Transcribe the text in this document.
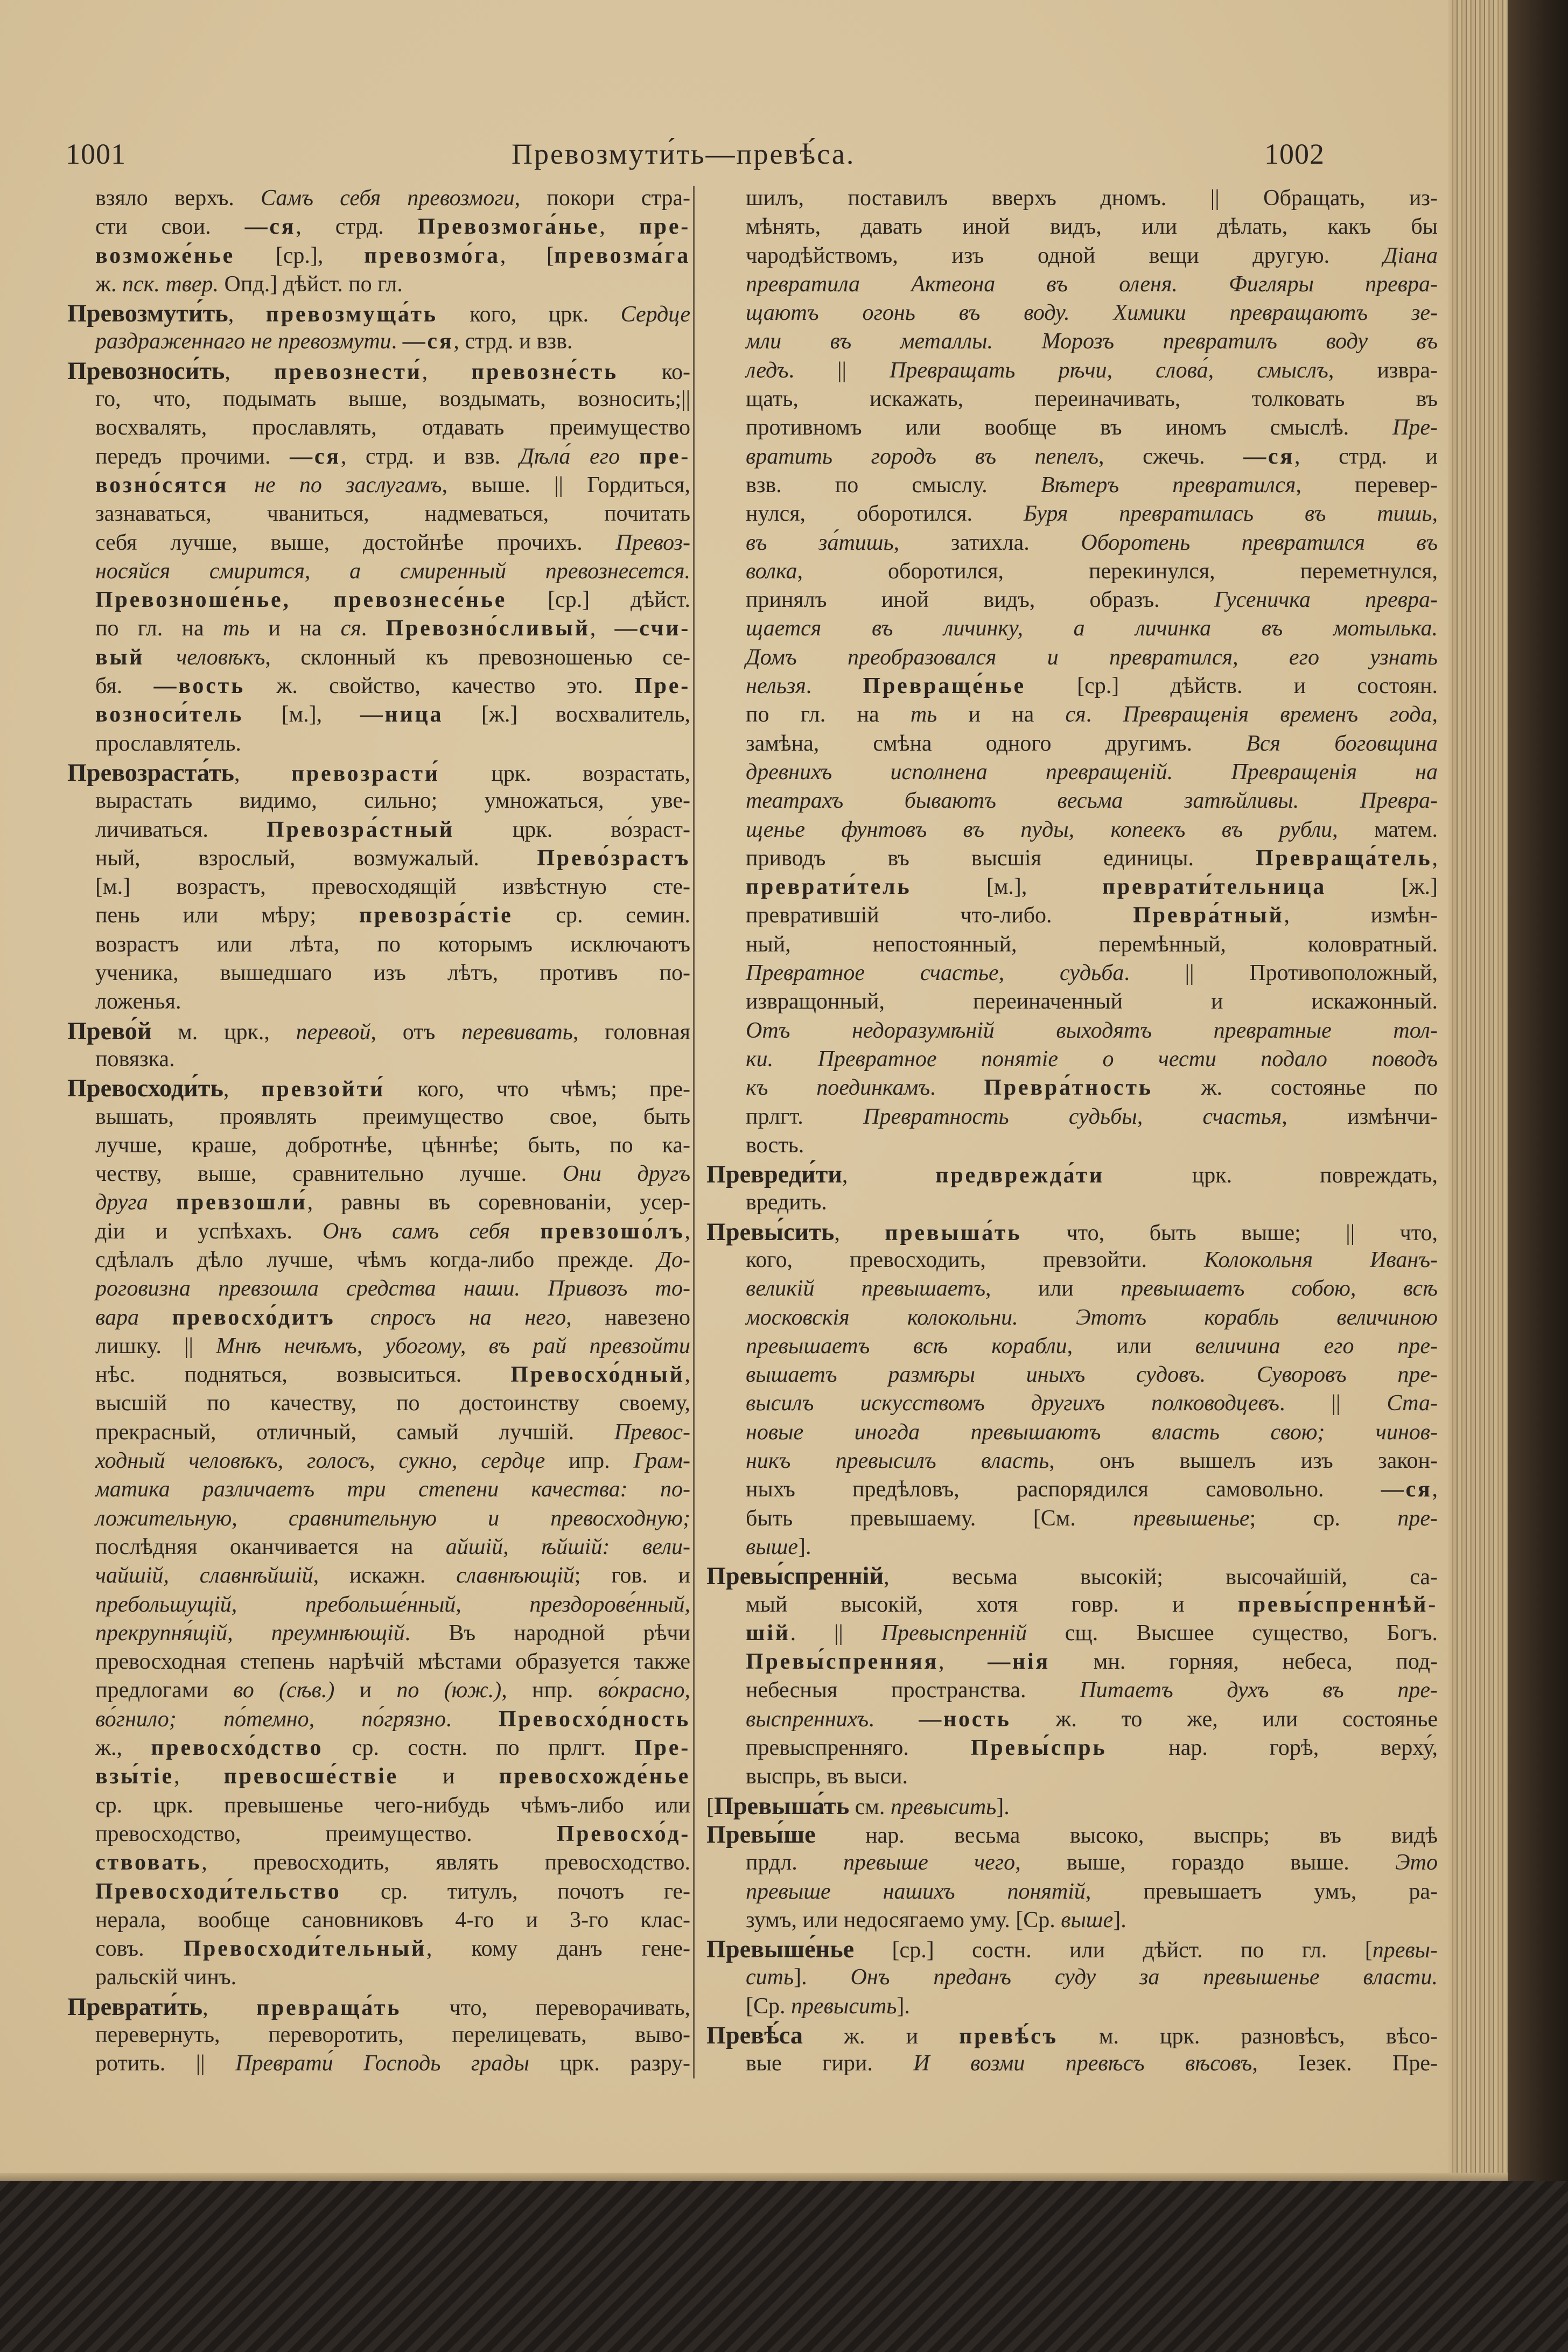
1001	Превозмути́ть—превѣ́са.	1002
взяло верхъ. Самъ себя превозмоги, покори стра-
сти свои. —ся, стрд. Превозмога́нье, пре-
возможе́нье [ср.], превозмо́га, [превозма́га
ж. пск. твер. Опд.] дѣйст. по гл.
Превозмути́ть, превозмуща́ть кого, црк. Сердце
раздраженнаго не превозмути. —ся, стрд. и взв.
Превозноси́ть, превознести́, превозне́сть ко-
го, что, подымать выше, воздымать, возносить;||
восхвалять, прославлять, отдавать преимущество
передъ прочими. —ся, стрд. и взв. Дѣла́ его пре-
возно́сятся не по заслугамъ, выше. || Гордиться,
зазнаваться, чваниться, надмеваться, почитать
себя лучше, выше, достойнѣе прочихъ. Превоз-
носяйся смирится, а смиренный превознесется.
Превозноше́нье, превознесе́нье [ср.] дѣйст.
по гл. на ть и на ся. Превозно́сливый, —счи-
вый человѣкъ, склонный къ превозношенью се-
бя. —вость ж. свойство, качество это. Пре-
возноси́тель [м.], —ница [ж.] восхвалитель,
прославлятель.
Превозраста́ть, превозрасти́ црк. возрастать,
вырастать видимо, сильно; умножаться, уве-
личиваться. Превозра́стный црк. во́зраст-
ный, взрослый, возмужалый. Прево́зрастъ
[м.] возрастъ, превосходящій извѣстную сте-
пень или мѣру; превозра́стіе ср. семин.
возрастъ или лѣта, по которымъ исключаютъ
ученика, вышедшаго изъ лѣтъ, противъ по-
ложенья.
Прево́й м. црк., перевой, отъ перевивать, головная
повязка.
Превосходи́ть, превзойти́ кого, что чѣмъ; пре-
вышать, проявлять преимущество свое, быть
лучше, краше, добротнѣе, цѣннѣе; быть, по ка-
честву, выше, сравнительно лучше. Они другъ
друга превзошли́, равны въ соревнованіи, усер-
діи и успѣхахъ. Онъ самъ себя превзошо́лъ,
сдѣлалъ дѣло лучше, чѣмъ когда-либо прежде. До-
роговизна превзошла средства наши. Привозъ то-
вара превосхо́дитъ спросъ на него, навезено
лишку. || Мнѣ нечѣмъ, убогому, въ рай превзойти
нѣс. подняться, возвыситься. Превосхо́дный,
высшій по качеству, по достоинству своему,
прекрасный, отличный, самый лучшій. Превос-
ходный человѣкъ, голосъ, сукно, сердце ипр. Грам-
матика различаетъ три степени качества: по-
ложительную, сравнительную и превосходную;
послѣдняя оканчивается на айшій, ѣйшій: вели-
чайшій, славнѣйшій, искажн. славнѣющій; гов. и
пребольшущій, пребольше́нный, прездорове́нный,
прекрупня́щій, преумнѣющій. Въ народной рѣчи
превосходная степень нарѣчій мѣстами образуется также
предлогами во (сѣв.) и по (юж.), нпр. во́красно,
во́гнило; по́темно, по́грязно. Превосхо́дность
ж., превосхо́дство ср. состн. по прлгт. Пре-
взы́тіе, превосше́ствіе и превосхожде́нье
ср. црк. превышенье чего-нибудь чѣмъ-либо или
превосходство, преимущество. Превосхо́д-
ствовать, превосходить, являть превосходство.
Превосходи́тельство ср. титулъ, почотъ ге-
нерала, вообще сановниковъ 4-го и 3-го клас-
совъ. Превосходи́тельный, кому данъ гене-
ральскій чинъ.
Преврати́ть, превраща́ть что, переворачивать,
перевернуть, переворотить, перелицевать, выво-
ротить. || Преврати́ Господь грады црк. разру-
шилъ, поставилъ вверхъ дномъ. || Обращать, из-
мѣнять, давать иной видъ, или дѣлать, какъ бы
чародѣйствомъ, изъ одной вещи другую. Діана
превратила Актеона въ оленя. Фигляры превра-
щаютъ огонь въ воду. Химики превращаютъ зе-
мли въ металлы. Морозъ превратилъ воду въ
ледъ. || Превращать рѣчи, слова́, смыслъ, извра-
щать, искажать, переиначивать, толковать въ
противномъ или вообще въ иномъ смыслѣ. Пре-
вратить городъ въ пепелъ, сжечь. —ся, стрд. и
взв. по смыслу. Вѣтеръ превратился, перевер-
нулся, оборотился. Буря превратилась въ тишь,
въ за́тишь, затихла. Оборотень превратился въ
волка, оборотился, перекинулся, переметнулся,
принялъ иной видъ, образъ. Гусеничка превра-
щается въ личинку, а личинка въ мотылька.
Домъ преобразовался и превратился, его узнать
нельзя. Превраще́нье [ср.] дѣйств. и состоян.
по гл. на ть и на ся. Превращенія временъ года,
замѣна, смѣна одного другимъ. Вся боговщина
древнихъ исполнена превращеній. Превращенія на
театрахъ бываютъ весьма затѣйливы. Превра-
щенье фунтовъ въ пуды, копеекъ въ рубли, матем.
приводъ въ высшія единицы. Превраща́тель,
преврати́тель [м.], преврати́тельница [ж.]
превратившій что-либо. Превра́тный, измѣн-
ный, непостоянный, перемѣнный, коловратный.
Превратное счастье, судьба. || Противоположный,
извращонный, переиначенный и искажонный.
Отъ недоразумѣній выходятъ превратные тол-
ки. Превратное понятіе о чести подало поводъ
къ поединкамъ. Превра́тность ж. состоянье по
прлгт. Превратность судьбы, счастья, измѣнчи-
вость.
Превреди́ти, предврежда́ти црк. повреждать,
вредить.
Превы́сить, превыша́ть что, быть выше; || что,
кого, превосходить, превзойти. Колокольня Иванъ-
великій превышаетъ, или превышаетъ собою, всѣ
московскія колокольни. Этотъ корабль величиною
превышаетъ всѣ корабли, или величина его пре-
вышаетъ размѣры иныхъ судовъ. Суворовъ пре-
высилъ искусствомъ другихъ полководцевъ. || Ста-
новые иногда превышаютъ власть свою; чинов-
никъ превысилъ власть, онъ вышелъ изъ закон-
ныхъ предѣловъ, распорядился самовольно. —ся,
быть превышаему. [См. превышенье; ср. пре-
выше].
Превы́спренній, весьма высокій; высочайшій, са-
мый высокій, хотя говр. и превы́спреннѣй-
шій. || Превыспренній сщ. Высшее существо, Богъ.
Превы́спренняя, —нія мн. горняя, небеса, под-
небесныя пространства. Питаетъ духъ въ пре-
выспреннихъ. —ность ж. то же, или состоянье
превыспренняго. Превы́спрь нар. горѣ, верху́,
выспрь, въ выси.
[Превыша́ть см. превысить].
Превы́ше нар. весьма высоко, выспрь; въ видѣ
прдл. превыше чего, выше, гораздо выше. Это
превыше нашихъ понятій, превышаетъ умъ, ра-
зумъ, или недосягаемо уму. [Ср. выше].
Превыше́нье [ср.] состн. или дѣйст. по гл. [превы-
сить]. Онъ преданъ суду за превышенье власти.
[Ср. превысить].
Превѣ́са ж. и превѣ́съ м. црк. разновѣсъ, вѣсо-
вые гири. И возми превѣсъ вѣсовъ, Іезек. Пре-
